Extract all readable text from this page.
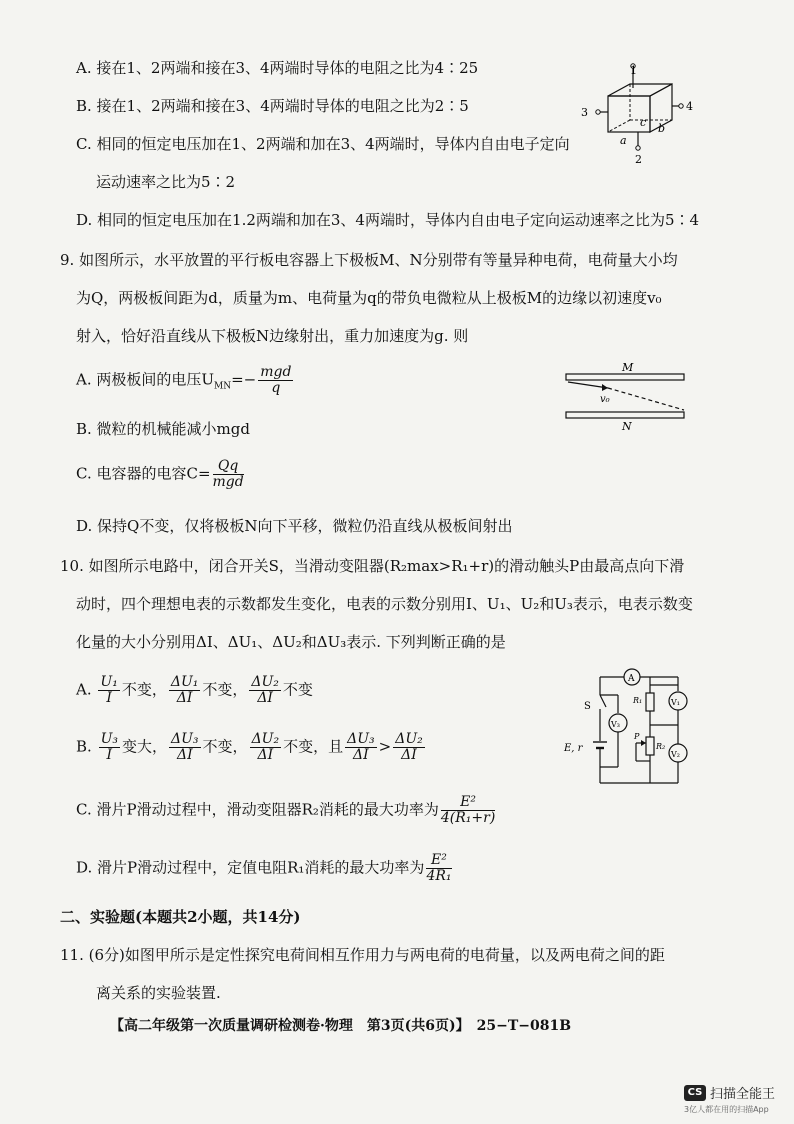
A. 接在1、2两端和接在3、4两端时导体的电阻之比为4∶25
B. 接在1、2两端和接在3、4两端时导体的电阻之比为2∶5
C. 相同的恒定电压加在1、2两端和加在3、4两端时，导体内自由电子定向
运动速率之比为5∶2
D. 相同的恒定电压加在1.2两端和加在3、4两端时，导体内自由电子定向运动速率之比为5∶4
1
3	4
2
a
b
c
9. 如图所示，水平放置的平行板电容器上下极板M、N分别带有等量异种电荷，电荷量大小均
为Q，两极板间距为d，质量为m、电荷量为q的带负电微粒从上极板M的边缘以初速度v₀
射入，恰好沿直线从下极板N边缘射出，重力加速度为g. 则
A. 两极板间的电压$U_{MN}=- \frac{\text{mgd}}{q}$
B. 微粒的机械能减小mgd
C. 电容器的电容$C= \frac{Qq}{\text{mgd}}$
D. 保持Q不变，仅将极板N向下平移，微粒仍沿直线从极板间射出
M
N
v₀
10. 如图所示电路中，闭合开关S，当滑动变阻器(R₂max>R₁+r)的滑动触头P由最高点向下滑
动时，四个理想电表的示数都发生变化，电表的示数分别用I、U₁、U₂和U₃表示，电表示数变
化量的大小分别用ΔI、ΔU₁、ΔU₂和ΔU₃表示. 下列判断正确的是
A. $\frac{\text{U₁}}{I}$ 不变， $\frac{\text{ΔU₁}}{\Delta I}$ 不变， $\frac{\text{ΔU₂}}{\Delta I}$ 不变
B. $\frac{\text{U₃}}{I}$ 变大， $\frac{\text{ΔU₃}}{\Delta I}$ 不变， $\frac{\text{ΔU₂}}{\Delta I}$ 不变，且 $\frac{\text{ΔU₃}}{\Delta I} > \frac{\text{ΔU₂}}{\Delta I}$
C. 滑片P滑动过程中，滑动变阻器R₂消耗的最大功率为 $\frac{\text{E²}}{\text{4(R₁+r)}}$
D. 滑片P滑动过程中，定值电阻R₁消耗的最大功率为 $\frac{\text{E²}}{\text{4R₁}}$
S
E, r
V₃
A
R₁
R₂
P
V₁
V₂
二、实验题(本题共2小题，共14分)
11. (6分)如图甲所示是定性探究电荷间相互作用力与两电荷的电荷量，以及两电荷之间的距
离关系的实验装置.
【高二年级第一次质量调研检测卷·物理　第3页(共6页)】　25−T−081B
CS 扫描全能王
3亿人都在用的扫描App
